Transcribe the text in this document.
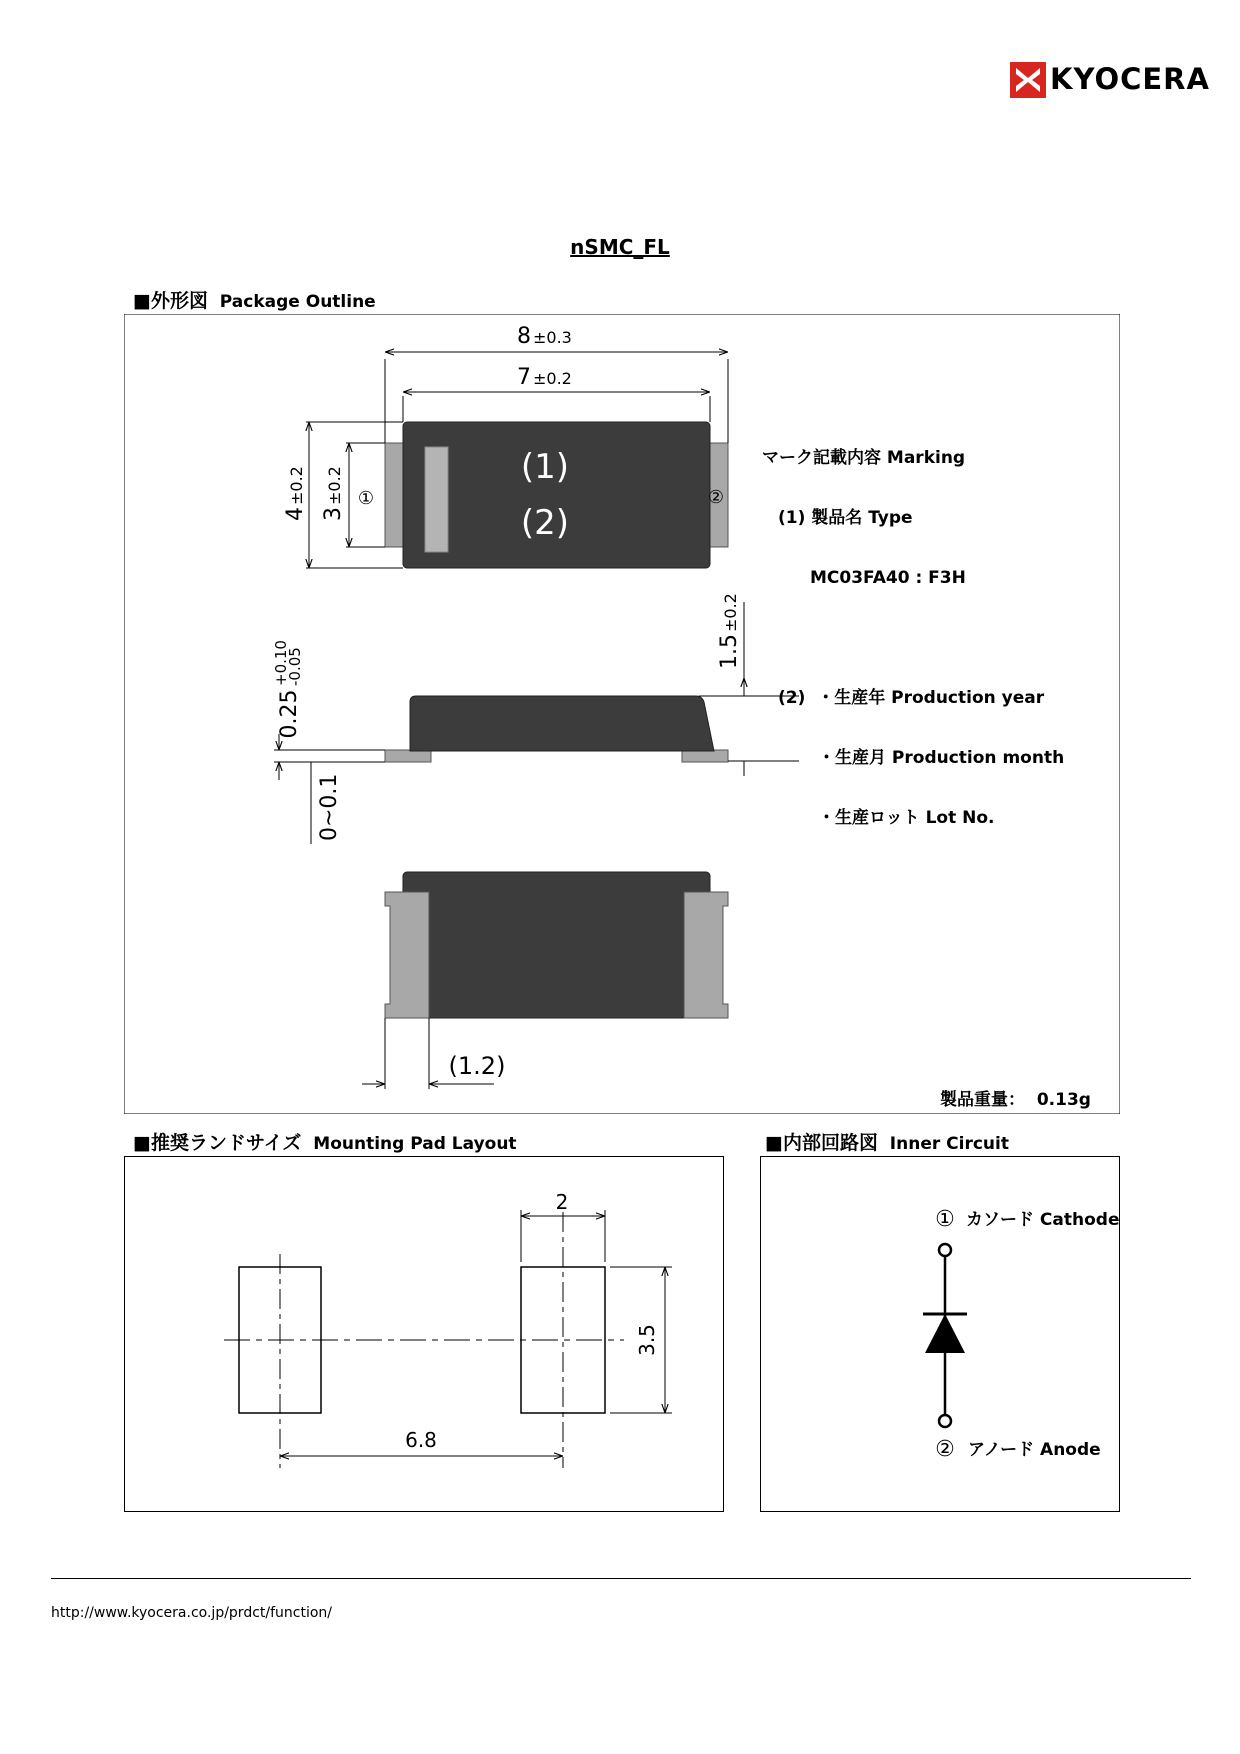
KYOCERA
nSMC_FL
■外形図 Package Outline
■推奨ランドサイズ Mounting Pad Layout	■内部回路図 Inner Circuit
(1)
(2)
①	②
8 ±0.3
7 ±0.2
4
±0.2
3
±0.2
1.5
±0.2
0.25
+0.10
-0.05
0~0.1
(1.2)

マーク記載内容 Marking

(1) 製品名 Type

MC03FA40 : F3H

(2)  ・生産年 Production year

・生産月 Production month

・生産ロット Lot No.

製品重量： 0.13g

2
3.5
6.8
① カソード Cathode
② アノード Anode
http://www.kyocera.co.jp/prdct/function/
